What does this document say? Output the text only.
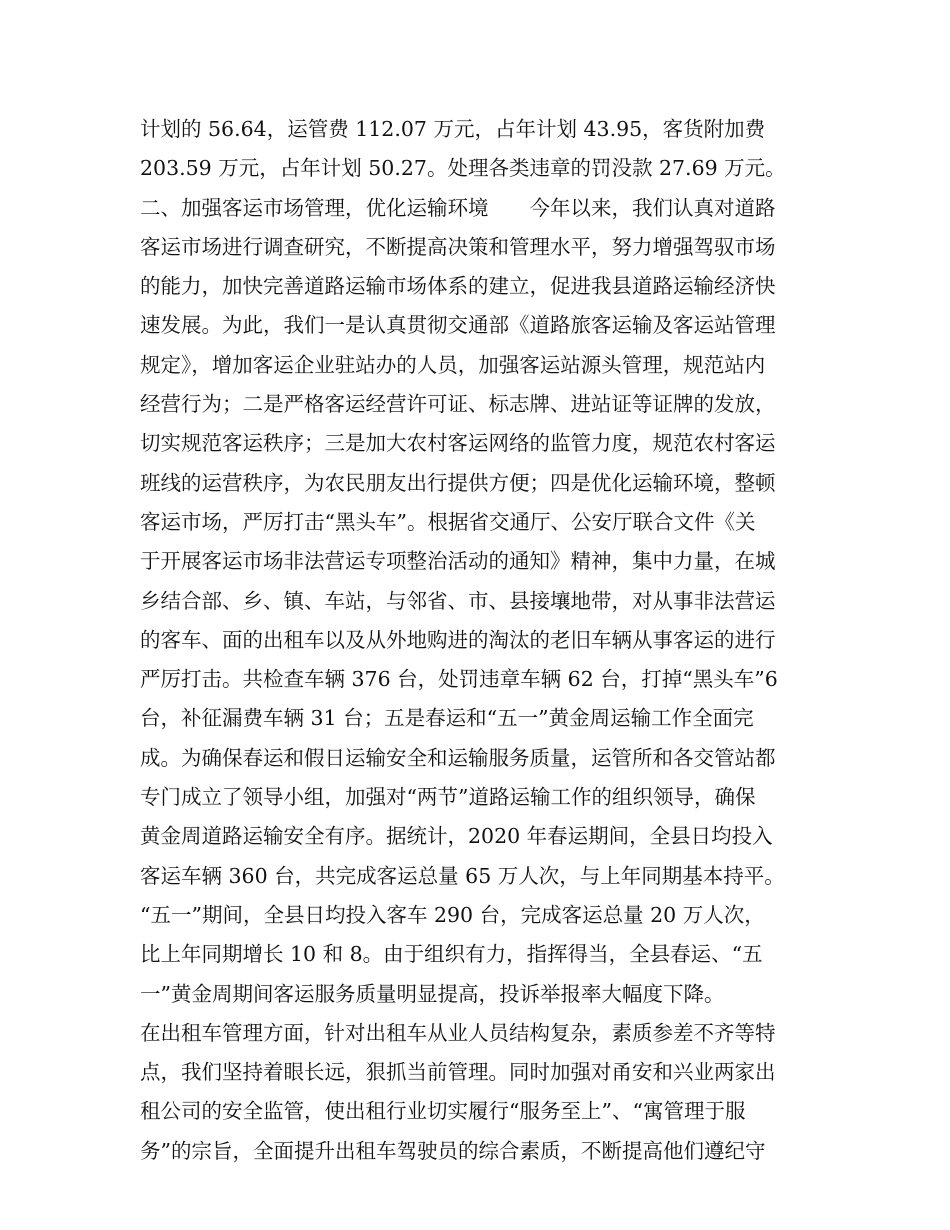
计划的 56.64，运管费 112.07 万元，占年计划 43.95，客货附加费
203.59 万元，占年计划 50.27。处理各类违章的罚没款 27.69 万元。
二、加强客运市场管理，优化运输环境　　今年以来，我们认真对道路
客运市场进行调查研究，不断提高决策和管理水平，努力增强驾驭市场
的能力，加快完善道路运输市场体系的建立，促进我县道路运输经济快
速发展。为此，我们一是认真贯彻交通部《道路旅客运输及客运站管理
规定》，增加客运企业驻站办的人员，加强客运站源头管理，规范站内
经营行为；二是严格客运经营许可证、标志牌、进站证等证牌的发放，
切实规范客运秩序；三是加大农村客运网络的监管力度，规范农村客运
班线的运营秩序，为农民朋友出行提供方便；四是优化运输环境，整顿
客运市场，严厉打击“黑头车”。根据省交通厅、公安厅联合文件《关
于开展客运市场非法营运专项整治活动的通知》精神，集中力量，在城
乡结合部、乡、镇、车站，与邻省、市、县接壤地带，对从事非法营运
的客车、面的出租车以及从外地购进的淘汰的老旧车辆从事客运的进行
严厉打击。共检查车辆 376 台，处罚违章车辆 62 台，打掉“黑头车”6
台，补征漏费车辆 31 台；五是春运和“五一”黄金周运输工作全面完
成。为确保春运和假日运输安全和运输服务质量，运管所和各交管站都
专门成立了领导小组，加强对“两节”道路运输工作的组织领导，确保
黄金周道路运输安全有序。据统计，2020 年春运期间，全县日均投入
客运车辆 360 台，共完成客运总量 65 万人次，与上年同期基本持平。
“五一”期间，全县日均投入客车 290 台，完成客运总量 20 万人次，
比上年同期增长 10 和 8。由于组织有力，指挥得当，全县春运、“五
一”黄金周期间客运服务质量明显提高，投诉举报率大幅度下降。
在出租车管理方面，针对出租车从业人员结构复杂，素质参差不齐等特
点，我们坚持着眼长远，狠抓当前管理。同时加强对甬安和兴业两家出
租公司的安全监管，使出租行业切实履行“服务至上”、“寓管理于服
务”的宗旨，全面提升出租车驾驶员的综合素质，不断提高他们遵纪守
